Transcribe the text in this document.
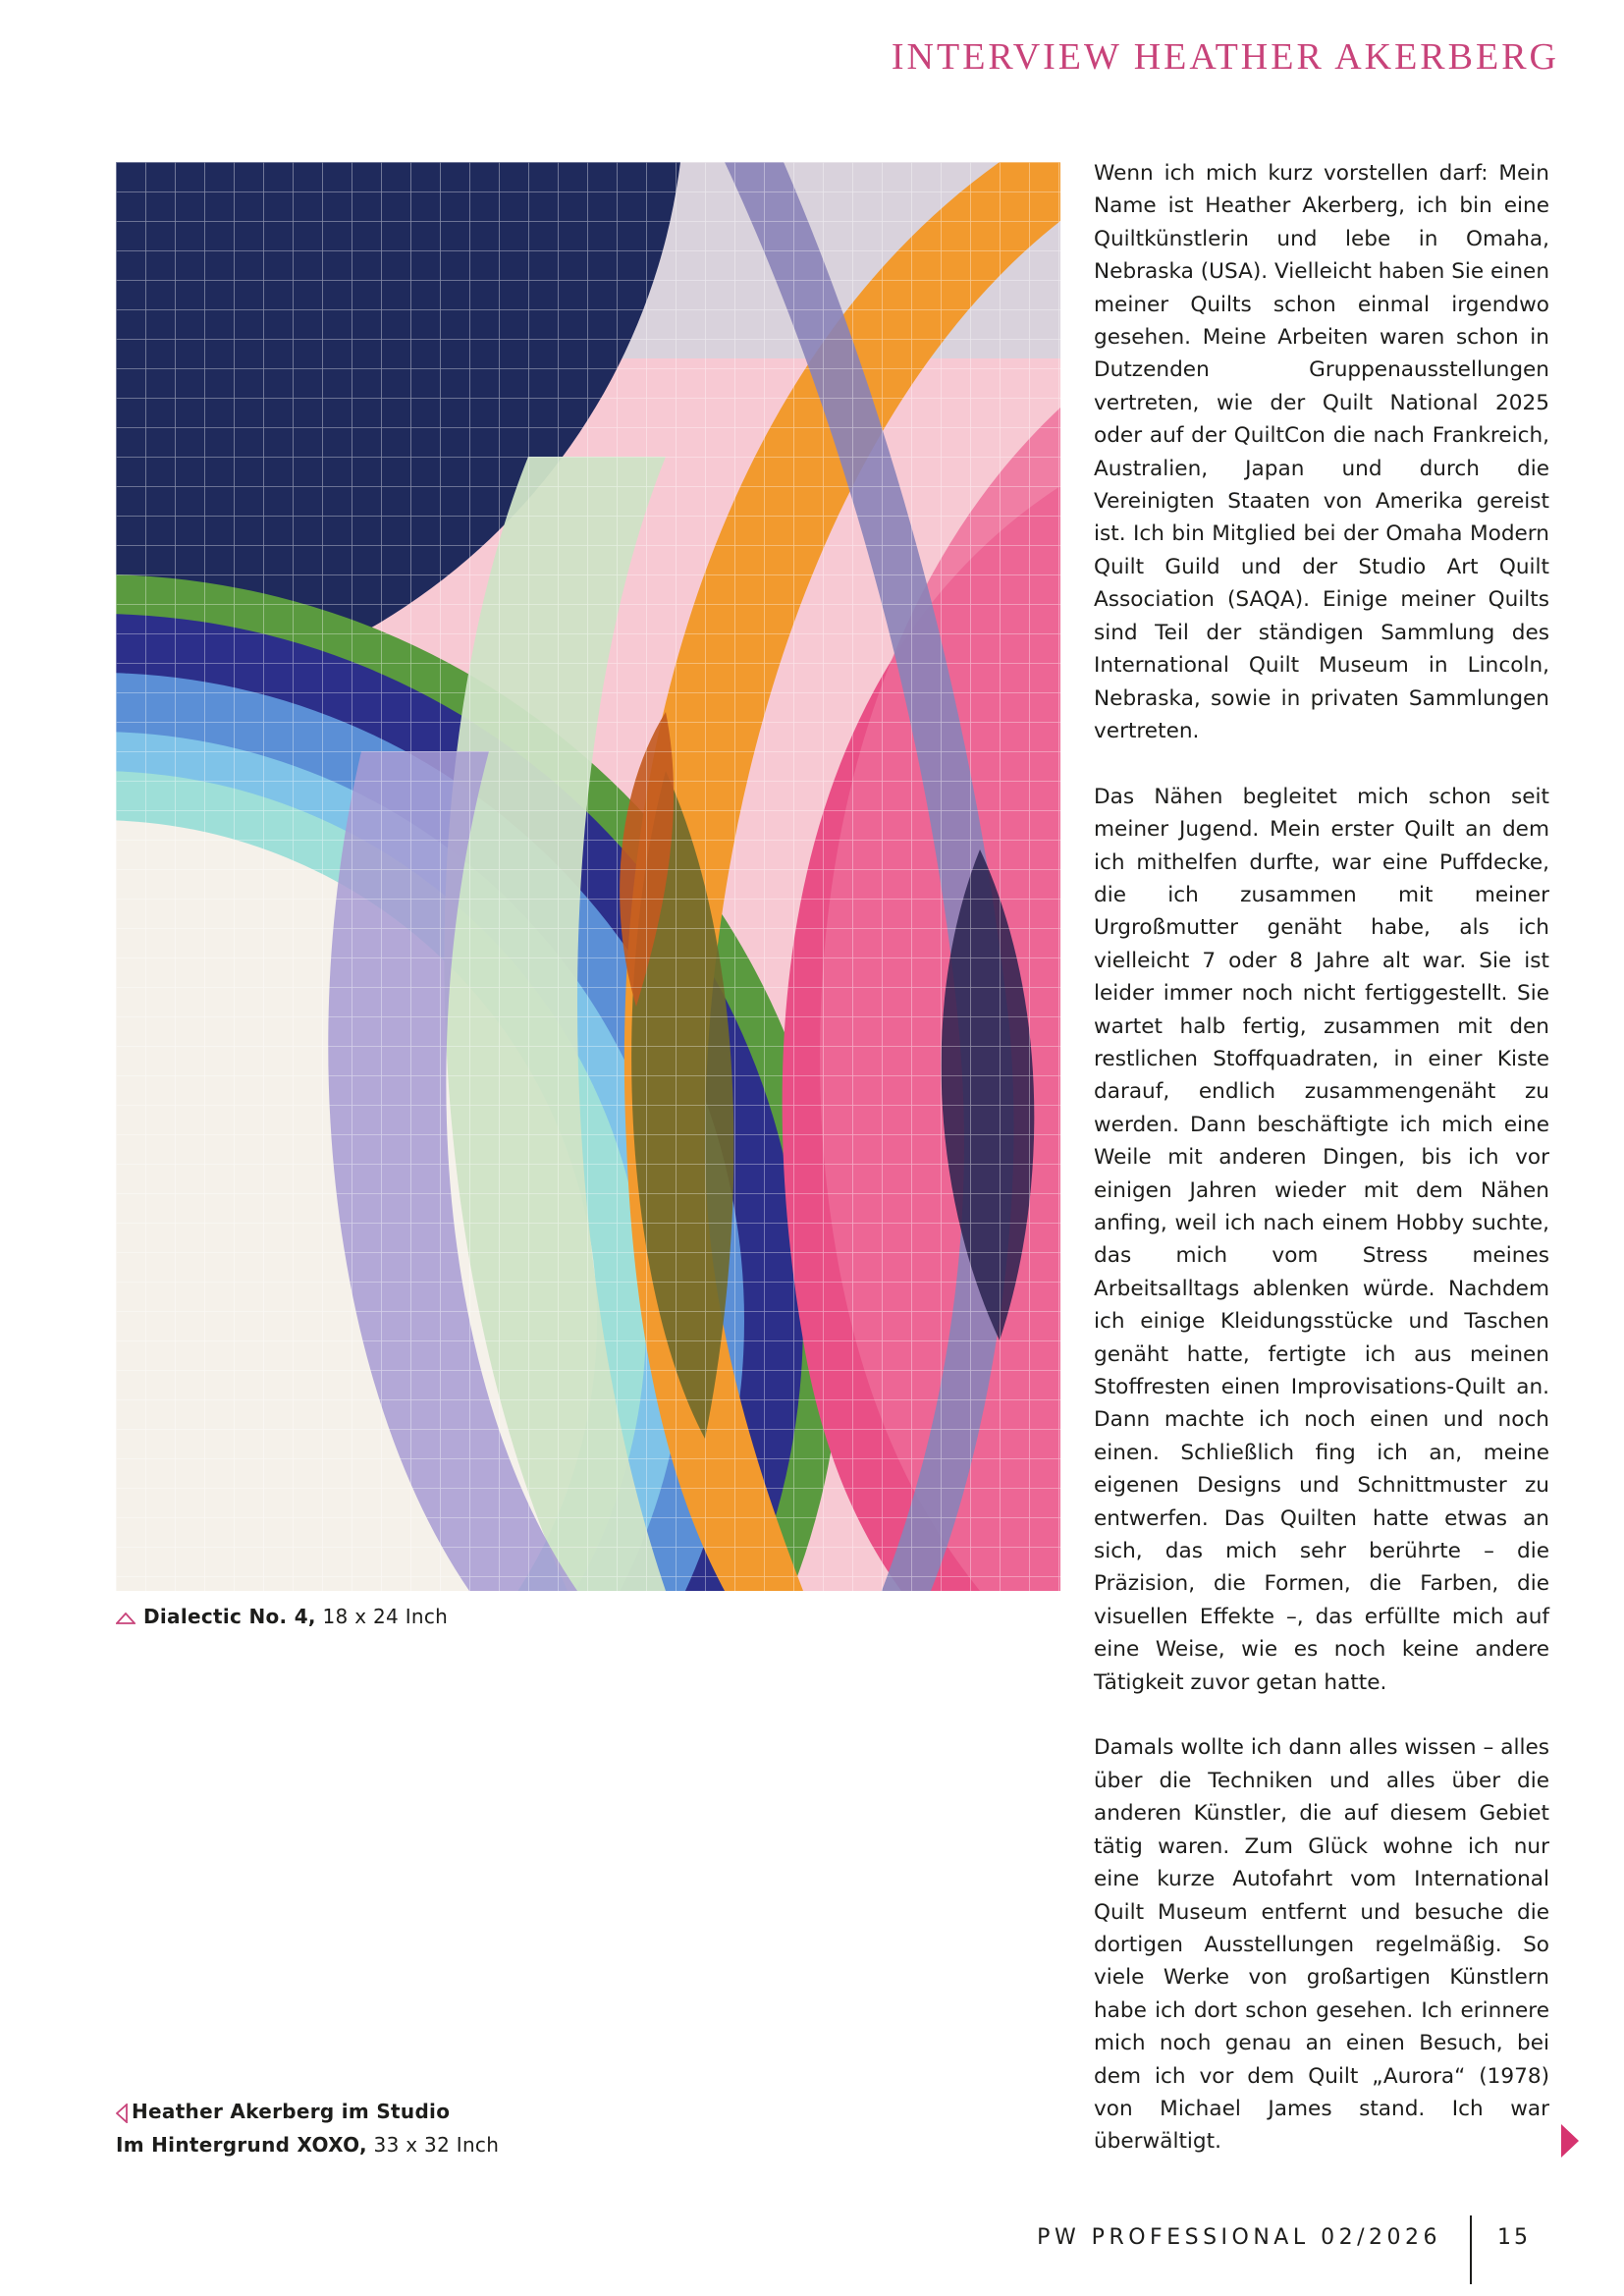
INTERVIEW HEATHER AKERBERG
Dialectic No. 4, 18 x 24 Inch
Heather Akerberg im Studio
Im Hintergrund XOXO, 33 x 32 Inch

Wenn ich mich kurz vorstellen darf: Mein Name ist Heather Akerberg, ich bin eine Quiltkünstlerin und lebe in Omaha, Nebraska (USA). Vielleicht haben Sie einen meiner Quilts schon einmal irgendwo gesehen. Meine Arbeiten waren schon in Dutzenden Gruppenausstellungen vertreten, wie der Quilt National 2025 oder auf der QuiltCon die nach Frankreich, Australien, Japan und durch die Vereinigten Staaten von Amerika gereist ist. Ich bin Mitglied bei der Omaha Modern Quilt Guild und der Studio Art Quilt Association (SAQA). Einige meiner Quilts sind Teil der ständigen Sammlung des International Quilt Museum in Lincoln, Nebraska, sowie in privaten Sammlungen vertreten.

Das Nähen begleitet mich schon seit meiner Jugend. Mein erster Quilt an dem ich mithelfen durfte, war eine Puffdecke, die ich zusammen mit meiner Urgroßmutter genäht habe, als ich vielleicht 7 oder 8 Jahre alt war. Sie ist leider immer noch nicht fertiggestellt. Sie wartet halb fertig, zusammen mit den restlichen Stoffquadraten, in einer Kiste darauf, endlich zusammengenäht zu werden. Dann beschäftigte ich mich eine Weile mit anderen Dingen, bis ich vor einigen Jahren wieder mit dem Nähen anfing, weil ich nach einem Hobby suchte, das mich vom Stress meines Arbeitsalltags ablenken würde. Nachdem ich einige Kleidungsstücke und Taschen genäht hatte, fertigte ich aus meinen Stoffresten einen Improvisations-Quilt an. Dann machte ich noch einen und noch einen. Schließlich fing ich an, meine eigenen Designs und Schnittmuster zu entwerfen. Das Quilten hatte etwas an sich, das mich sehr berührte – die Präzision, die Formen, die Farben, die visuellen Effekte –, das erfüllte mich auf eine Weise, wie es noch keine andere Tätigkeit zuvor getan hatte.

Damals wollte ich dann alles wissen – alles über die Techniken und alles über die anderen Künstler, die auf diesem Gebiet tätig waren. Zum Glück wohne ich nur eine kurze Autofahrt vom International Quilt Museum entfernt und besuche die dortigen Ausstellungen regelmäßig. So viele Werke von großartigen Künstlern habe ich dort schon gesehen. Ich erinnere mich noch genau an einen Besuch, bei dem ich vor dem Quilt „Aurora“ (1978) von Michael James stand. Ich war überwältigt.

PW PROFESSIONAL 02/2026	15
